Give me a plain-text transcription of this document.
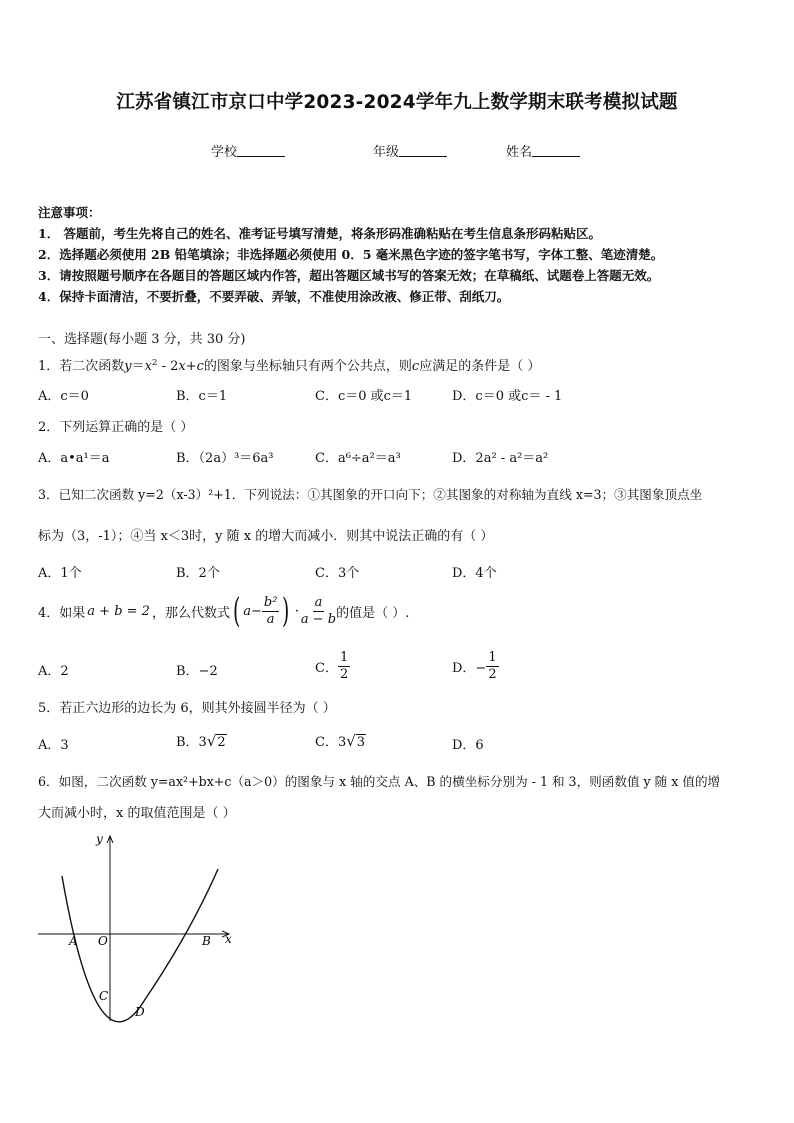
江苏省镇江市京口中学2023-2024学年九上数学期末联考模拟试题
学校	年级	姓名
注意事项：
1． 答题前，考生先将自己的姓名、准考证号填写清楚，将条形码准确粘贴在考生信息条形码粘贴区。
2．选择题必须使用 2B 铅笔填涂；非选择题必须使用 0．5 毫米黑色字迹的签字笔书写，字体工整、笔迹清楚。
3．请按照题号顺序在各题目的答题区域内作答，超出答题区域书写的答案无效；在草稿纸、试题卷上答题无效。
4．保持卡面清洁，不要折叠，不要弄破、弄皱，不准使用涂改液、修正带、刮纸刀。
一、选择题(每小题 3 分，共 30 分)
1．若二次函数$y=x^2 - 2x+c$的图象与坐标轴只有两个公共点，则c应满足的条件是（ ）
A．c＝0	B．c＝1	C．c＝0 或c＝1	D．c＝0 或c＝ - 1
2．下列运算正确的是（ ）
A．a•a¹＝a	B．（2a）³＝6a³	C．a⁶÷a²＝a³	D．2a² - a²＝a²
3．已知二次函数 y=2（x-3）²+1．下列说法：①其图象的开口向下；②其图象的对称轴为直线 x=3；③其图象顶点坐
标为（3，-1）；④当 x＜3时，y 随 x 的增大而减小．则其中说法正确的有（ ）
A．1个	B．2个	C．3个	D．4个
4．如果 a + b = 2 ，那么代数式 ( $a - \frac{\text{b²}}{a}$ ) · $\frac{a}{a - b}$ 的值是（ ）.
A．2	B．−2	C． $\frac{1}{2}$	D．− $\frac{1}{2}$
5．若正六边形的边长为 6，则其外接圆半径为（ ）
A．3	B．3√2	C．3√3	D．6
6．如图，二次函数 y=ax²+bx+c（a＞0）的图象与 x 轴的交点 A、B 的横坐标分别为 - 1 和 3，则函数值 y 随 x 值的增
大而减小时，x 的取值范围是（ ）
y
x
O
A	B
C
D
